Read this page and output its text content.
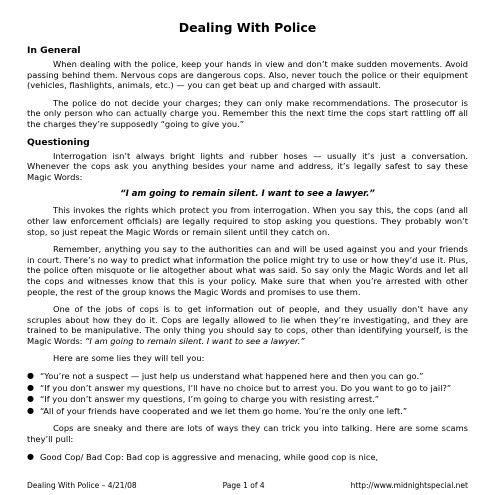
Dealing With Police
In General

When dealing with the police, keep your hands in view and don’t make sudden movements. Avoid passing behind them. Nervous cops are dangerous cops. Also, never touch the police or their equipment (vehicles, flashlights, animals, etc.) — you can get beat up and charged with assault.

The police do not decide your charges; they can only make recommendations. The prosecutor is the only person who can actually charge you. Remember this the next time the cops start rattling off all the charges they’re supposedly “going to give you.”

Questioning

Interrogation isn’t always bright lights and rubber hoses — usually it’s just a conversation. Whenever the cops ask you anything besides your name and address, it’s legally safest to say these Magic Words:

“I am going to remain silent. I want to see a lawyer.”

This invokes the rights which protect you from interrogation. When you say this, the cops (and all other law enforcement officials) are legally required to stop asking you questions. They probably won’t stop, so just repeat the Magic Words or remain silent until they catch on.

Remember, anything you say to the authorities can and will be used against you and your friends in court. There’s no way to predict what information the police might try to use or how they’d use it. Plus, the police often misquote or lie altogether about what was said. So say only the Magic Words and let all the cops and witnesses know that this is your policy. Make sure that when you’re arrested with other people, the rest of the group knows the Magic Words and promises to use them.

One of the jobs of cops is to get information out of people, and they usually don’t have any scruples about how they do it. Cops are legally allowed to lie when they’re investigating, and they are trained to be manipulative. The only thing you should say to cops, other than identifying yourself, is the Magic Words: “I am going to remain silent. I want to see a lawyer.”

Here are some lies they will tell you:

● “You’re not a suspect — just help us understand what happened here and then you can go.”
● “If you don’t answer my questions, I’ll have no choice but to arrest you. Do you want to go to jail?”
● “If you don’t answer my questions, I’m going to charge you with resisting arrest.”
● “All of your friends have cooperated and we let them go home. You’re the only one left.”

Cops are sneaky and there are lots of ways they can trick you into talking. Here are some scams they’ll pull:

● Good Cop/ Bad Cop: Bad cop is aggressive and menacing, while good cop is nice,
Dealing With Police – 4/21/08	Page 1 of 4	http://www.midnightspecial.net
